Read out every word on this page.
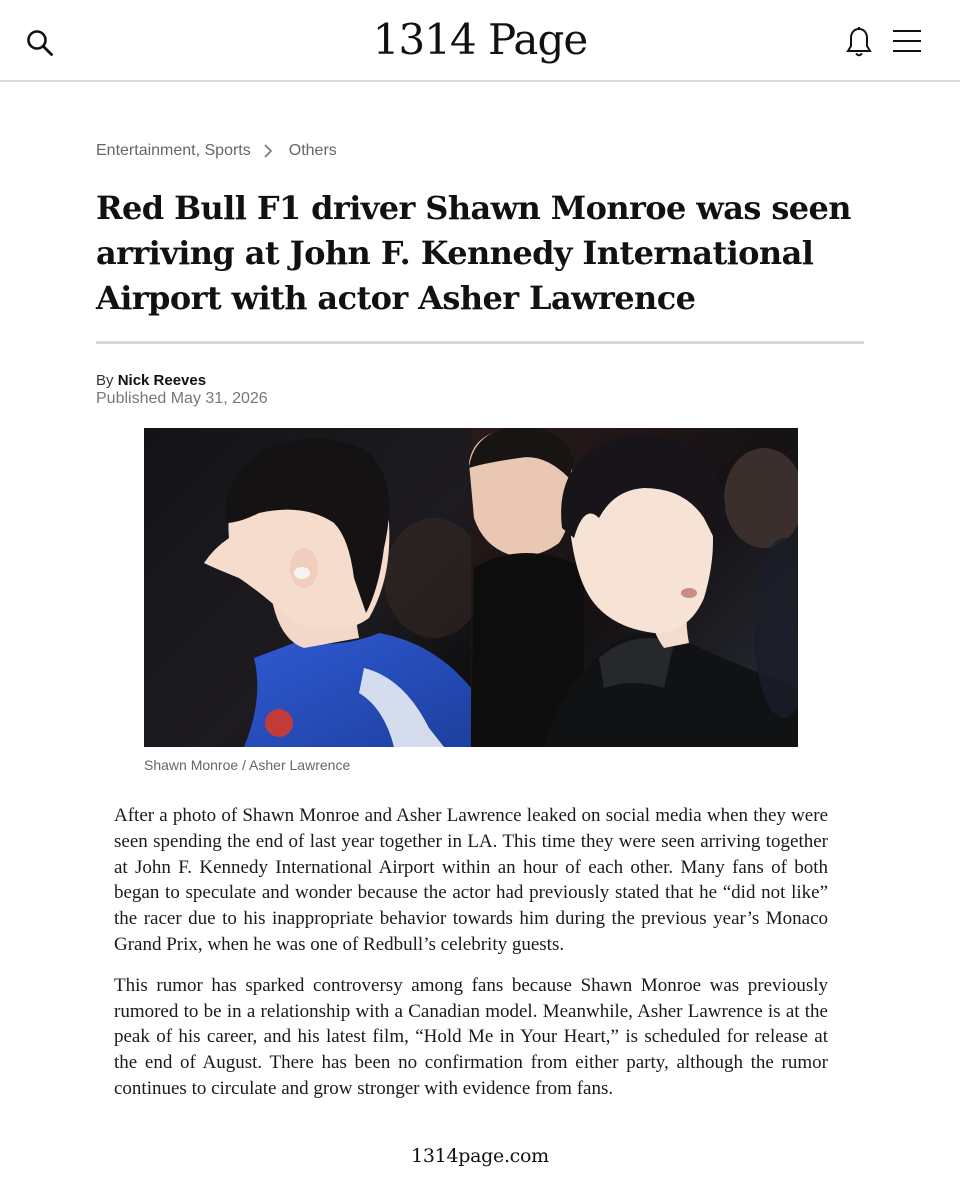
1314 Page
Entertainment, Sports Others
Red Bull F1 driver Shawn Monroe was seen arriving at John F. Kennedy International Airport with actor Asher Lawrence
By Nick Reeves
Published May 31, 2026
Shawn Monroe / Asher Lawrence

After a photo of Shawn Monroe and Asher Lawrence leaked on social media when they were seen spending the end of last year together in LA. This time they were seen arriving together at John F. Kennedy International Airport within an hour of each other. Many fans of both began to speculate and wonder because the actor had previously stated that he “did not like” the racer due to his inappropriate behavior towards him during the previous year’s Monaco Grand Prix, when he was one of Redbull’s celebrity guests.

This rumor has sparked controversy among fans because Shawn Monroe was previously rumored to be in a relationship with a Canadian model. Meanwhile, Asher Lawrence is at the peak of his career, and his latest film, “Hold Me in Your Heart,” is scheduled for release at the end of August. There has been no confirmation from either party, although the rumor continues to circulate and grow stronger with evidence from fans.

1314page.com
